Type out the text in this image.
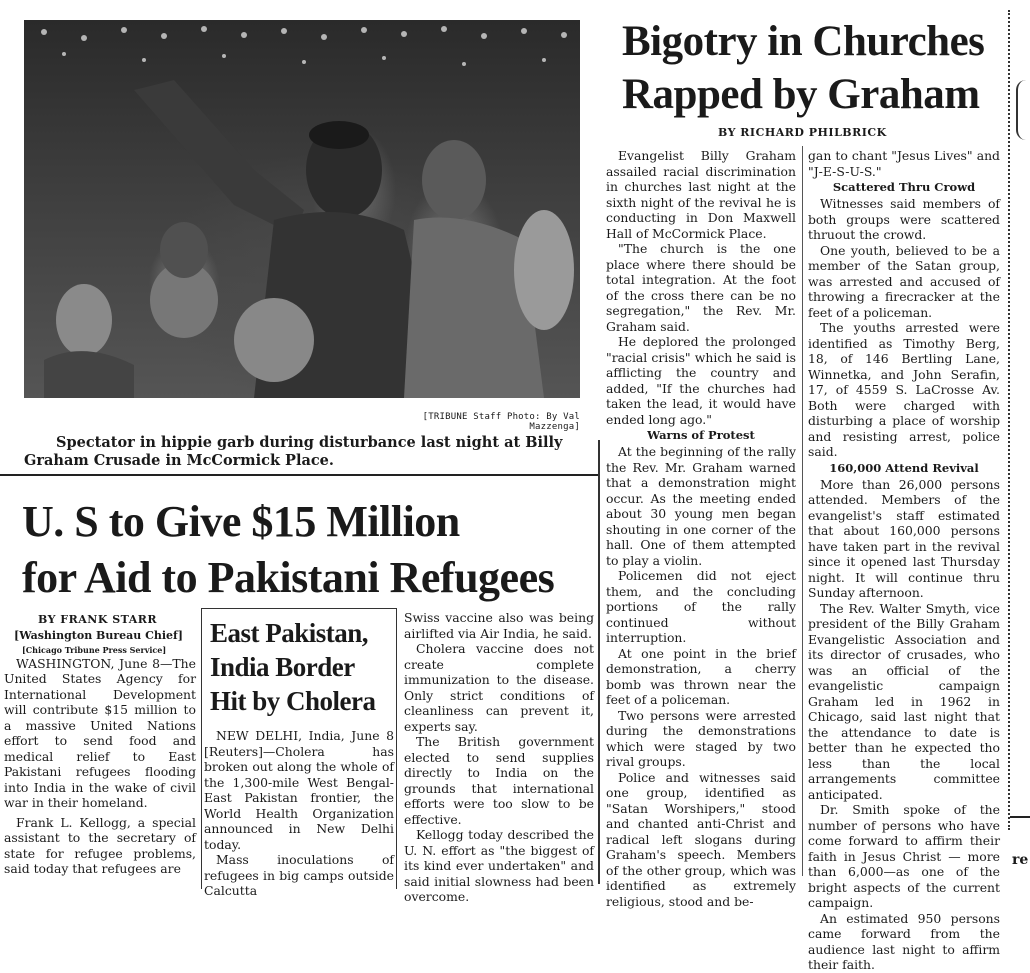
[TRIBUNE Staff Photo: By Val Mazzenga]
Spectator in hippie garb during disturbance last night at Billy Graham Crusade in McCormick Place.
Bigotry in Churches
Rapped by Graham
BY RICHARD PHILBRICK

Evangelist Billy Graham assailed racial discrimination in churches last night at the sixth night of the revival he is conducting in Don Maxwell Hall of McCormick Place.

"The church is the one place where there should be total integration. At the foot of the cross there can be no segregation," the Rev. Mr. Graham said.

He deplored the prolonged "racial crisis" which he said is afflicting the country and added, "If the churches had taken the lead, it would have ended long ago."

Warns of Protest

At the beginning of the rally the Rev. Mr. Graham warned that a demonstration might occur. As the meeting ended about 30 young men began shouting in one corner of the hall. One of them attempted to play a violin.

Policemen did not eject them, and the concluding portions of the rally continued without interruption.

At one point in the brief demonstration, a cherry bomb was thrown near the feet of a policeman.

Two persons were arrested during the demonstrations which were staged by two rival groups.

Police and witnesses said one group, identified as "Satan Worshipers," stood and chanted anti-Christ and radical left slogans during Graham's speech. Members of the other group, which was identified as extremely religious, stood and be-

gan to chant "Jesus Lives" and "J-E-S-U-S."

Scattered Thru Crowd

Witnesses said members of both groups were scattered thruout the crowd.

One youth, believed to be a member of the Satan group, was arrested and accused of throwing a firecracker at the feet of a policeman.

The youths arrested were identified as Timothy Berg, 18, of 146 Bertling Lane, Winnetka, and John Serafin, 17, of 4559 S. LaCrosse Av. Both were charged with disturbing a place of worship and resisting arrest, police said.

160,000 Attend Revival

More than 26,000 persons attended. Members of the evangelist's staff estimated that about 160,000 persons have taken part in the revival since it opened last Thursday night. It will continue thru Sunday afternoon.

The Rev. Walter Smyth, vice president of the Billy Graham Evangelistic Association and its director of crusades, who was an official of the evangelistic campaign Graham led in 1962 in Chicago, said last night that the attendance to date is better than he expected tho less than the local arrangements committee anticipated.

Dr. Smith spoke of the number of persons who have come forward to affirm their faith in Jesus Christ — more than 6,000—as one of the bright aspects of the current campaign.

An estimated 950 persons came forward from the audience last night to affirm their faith.

re
U. S to Give $15 Million
for Aid to Pakistani Refugees
BY FRANK STARR
[Washington Bureau Chief]
[Chicago Tribune Press Service]

WASHINGTON, June 8—The United States Agency for International Development will contribute $15 million to a massive United Nations effort to send food and medical relief to East Pakistani refugees flooding into India in the wake of civil war in their homeland.

Frank L. Kellogg, a special assistant to the secretary of state for refugee problems, said today that refugees are

East Pakistan,
India Border
Hit by Cholera

NEW DELHI, India, June 8 [Reuters]—Cholera has broken out along the whole of the 1,300-mile West Bengal-East Pakistan frontier, the World Health Organization announced in New Delhi today.

Mass inoculations of refugees in big camps outside Calcutta

Swiss vaccine also was being airlifted via Air India, he said.

Cholera vaccine does not create complete immunization to the disease. Only strict conditions of cleanliness can prevent it, experts say.

The British government elected to send supplies directly to India on the grounds that international efforts were too slow to be effective.

Kellogg today described the U. N. effort as "the biggest of its kind ever undertaken" and said initial slowness had been overcome.
